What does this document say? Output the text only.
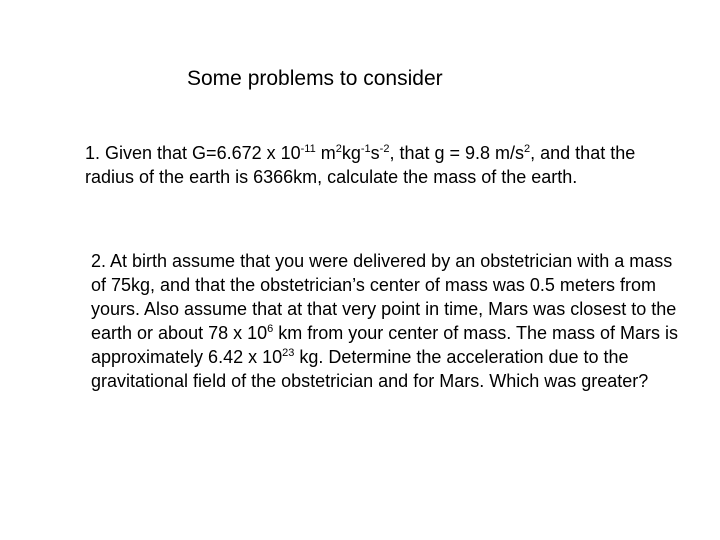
Some problems to consider
1. Given that G=6.672 x $10^{-11}$ $m^2kg^{-1}s^{-2}$, that g = 9.8 $m/s^2$, and that the radius of the earth is 6366km, calculate the mass of the earth.
2. At birth assume that you were delivered by an obstetrician with a mass of 75kg, and that the obstetrician’s center of mass was 0.5 meters from yours. Also assume that at that very point in time, Mars was closest to the earth or about 78 x $10^6$ km from your center of mass. The mass of Mars is approximately 6.42 x $10^{23}$ kg. Determine the acceleration due to the gravitational field of the obstetrician and for Mars. Which was greater?
